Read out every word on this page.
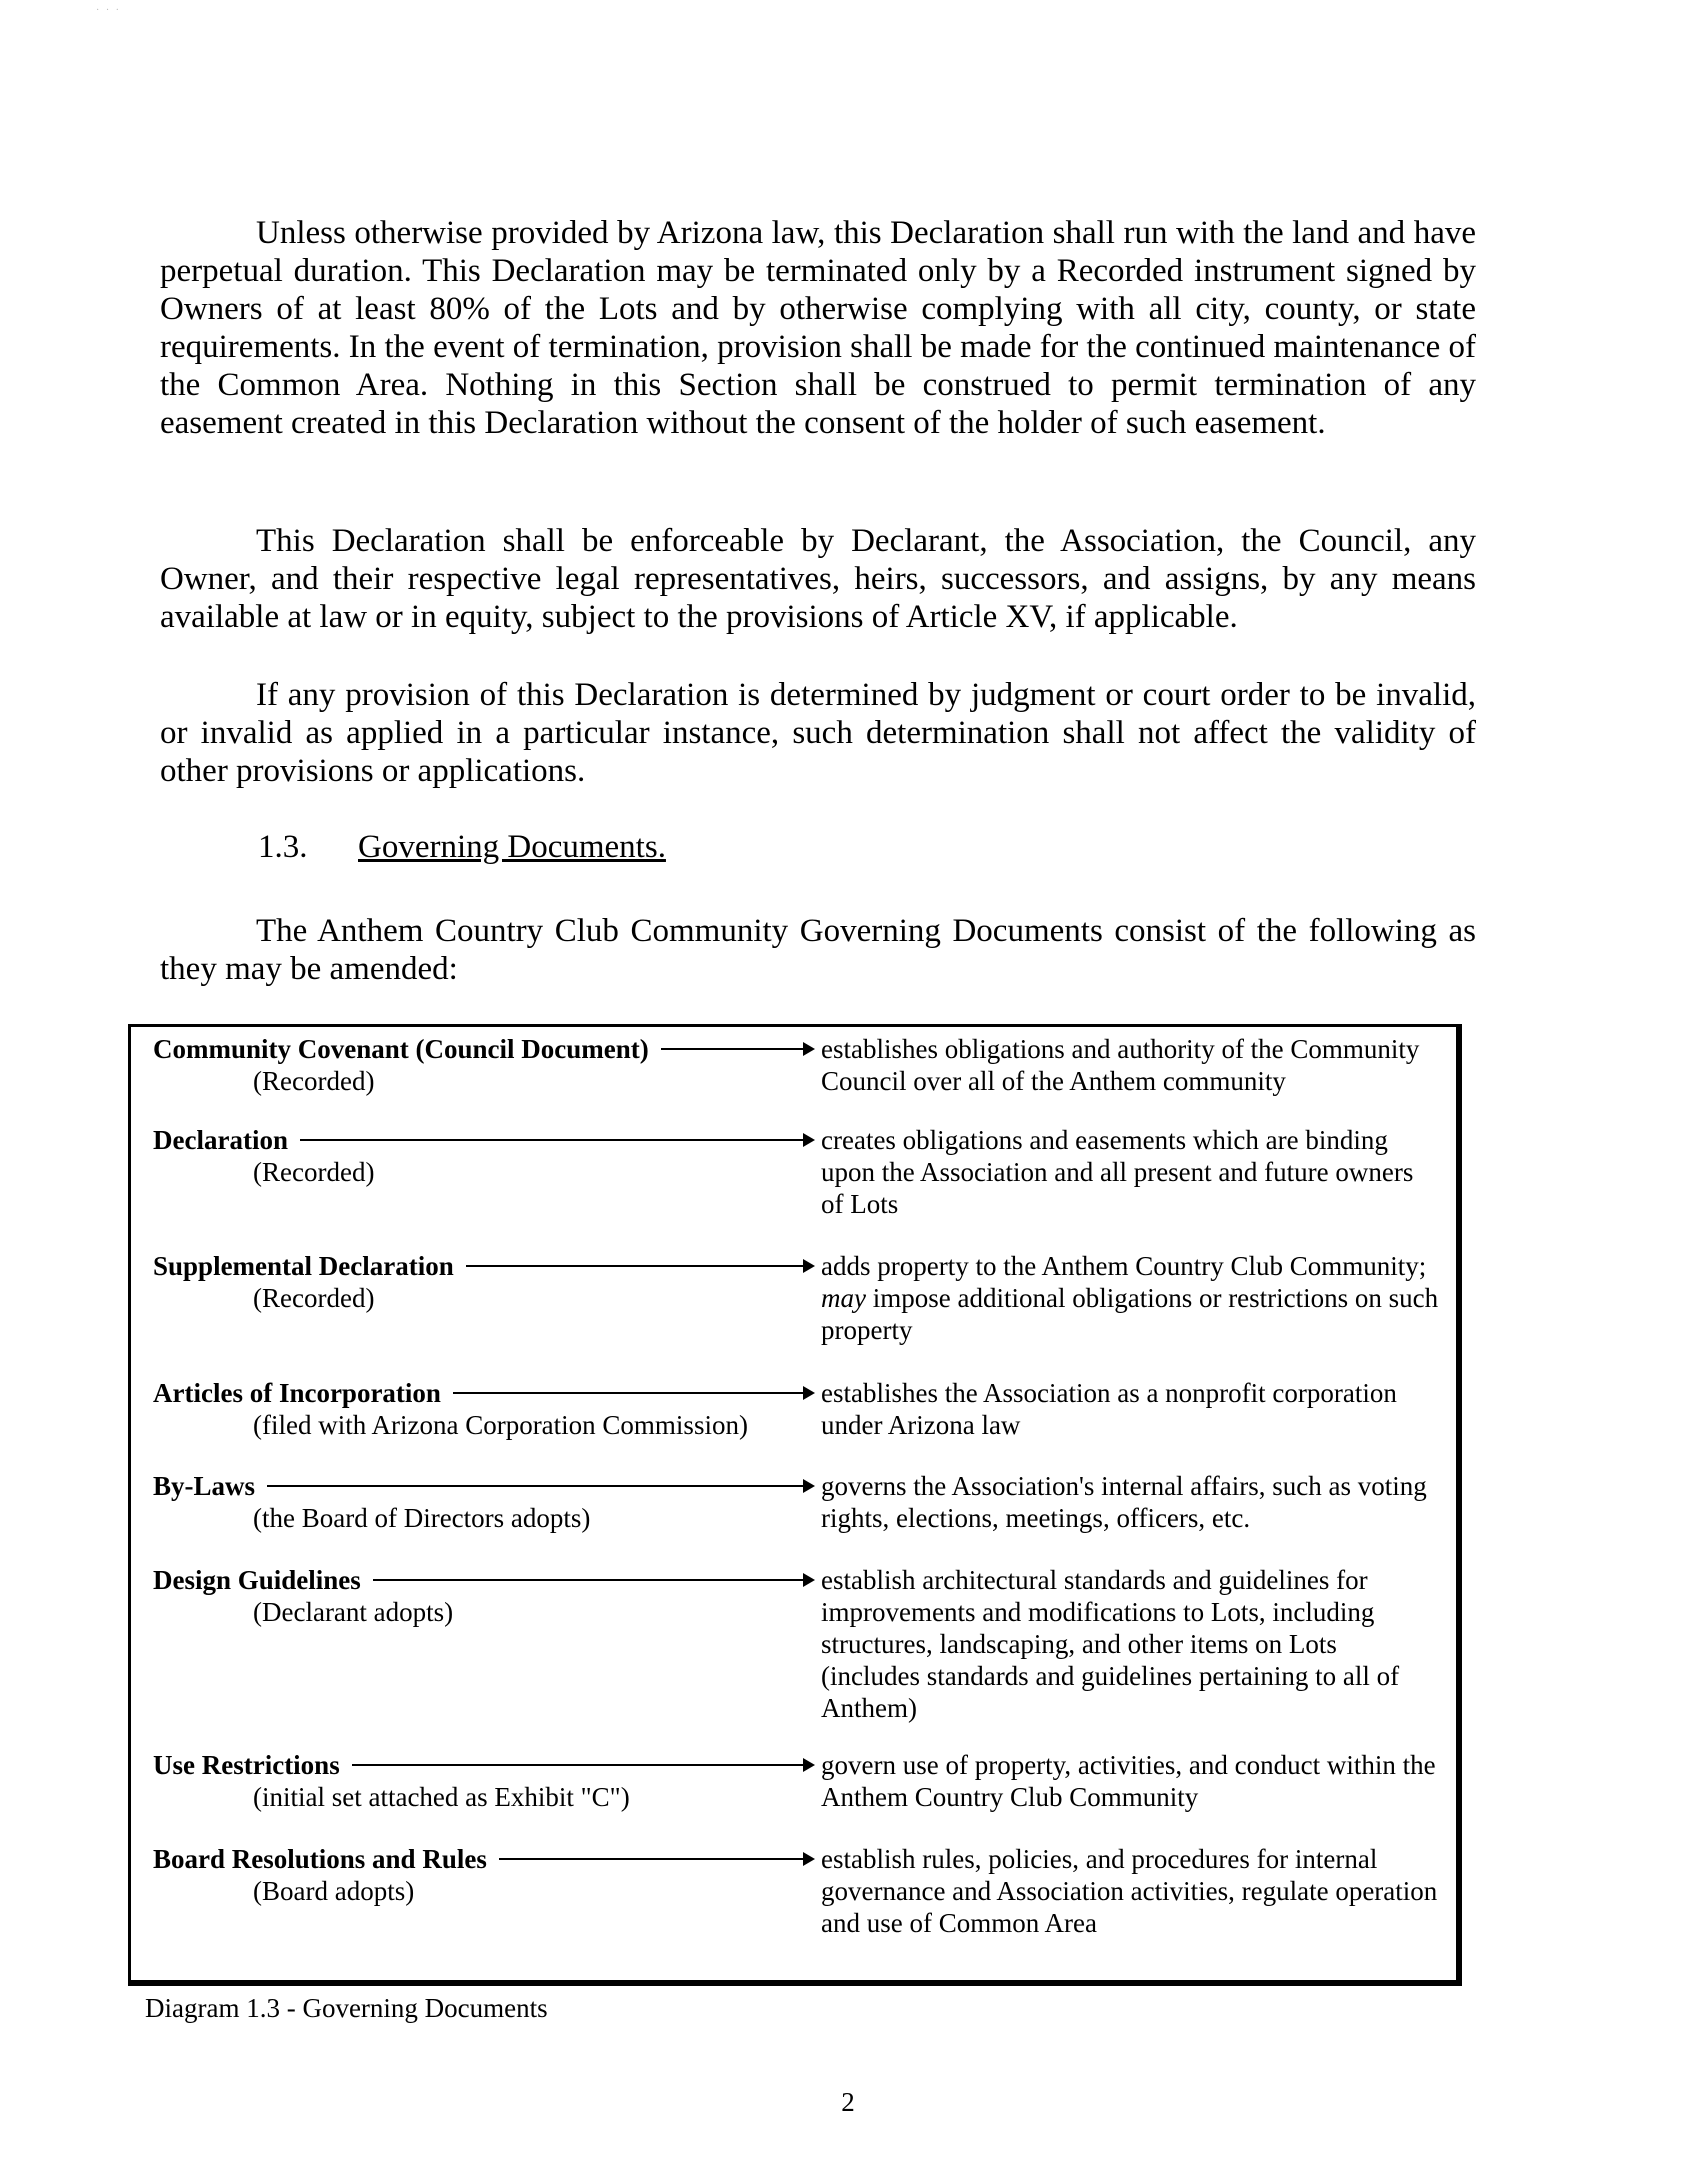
· · ·

Unless otherwise provided by Arizona law, this Declaration shall run with the land and have perpetual duration. This Declaration may be terminated only by a Recorded instrument signed by Owners of at least 80% of the Lots and by otherwise complying with all city, county, or state requirements. In the event of termination, provision shall be made for the continued maintenance of the Common Area. Nothing in this Section shall be construed to permit termination of any easement created in this Declaration without the consent of the holder of such easement.

This Declaration shall be enforceable by Declarant, the Association, the Council, any Owner, and their respective legal representatives, heirs, successors, and assigns, by any means available at law or in equity, subject to the provisions of Article XV, if applicable.

If any provision of this Declaration is determined by judgment or court order to be invalid, or invalid as applied in a particular instance, such determination shall not affect the validity of other provisions or applications.

1.3. Governing Documents.

The Anthem Country Club Community Governing Documents consist of the following as they may be amended:

Community Covenant (Council Document)
(Recorded)
establishes obligations and authority of the Community Council over all of the Anthem community
Declaration
(Recorded)
creates obligations and easements which are binding upon the Association and all present and future owners of Lots
Supplemental Declaration
(Recorded)
adds property to the Anthem Country Club Community; may impose additional obligations or restrictions on such property
Articles of Incorporation
(filed with Arizona Corporation Commission)
establishes the Association as a nonprofit corporation under Arizona law
By-Laws
(the Board of Directors adopts)
governs the Association's internal affairs, such as voting rights, elections, meetings, officers, etc.
Design Guidelines
(Declarant adopts)
establish architectural standards and guidelines for improvements and modifications to Lots, including structures, landscaping, and other items on Lots (includes standards and guidelines pertaining to all of Anthem)
Use Restrictions
(initial set attached as Exhibit "C")
govern use of property, activities, and conduct within the Anthem Country Club Community
Board Resolutions and Rules
(Board adopts)
establish rules, policies, and procedures for internal governance and Association activities, regulate operation and use of Common Area
Diagram 1.3 - Governing Documents
2
